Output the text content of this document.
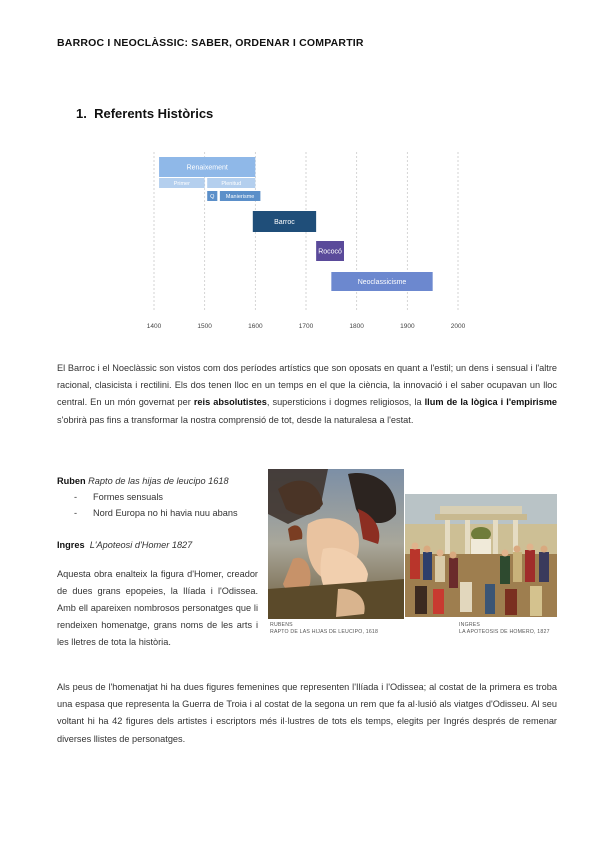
BARROC I NEOCLÀSSIC: SABER, ORDENAR I COMPARTIR
1. Referents Històrics
Renaixement
Primer	Plenitud
Q Manierisme
Barroc
Rococó
Neoclassicisme
1400	1500	1600	1700	1800	1900	2000
El Barroc i el Noeclàssic son vistos com dos períodes artístics que son oposats en quant a l'estil; un dens i sensual i l'altre racional, clasicista i rectilini. Els dos tenen lloc en un temps en el que la ciència, la innovació i el saber ocupavan un lloc central. En un món governat per reis absolutistes, supersticions i dogmes religiosos, la llum de la lògica i l'empirisme s'obrirà pas fins a transformar la nostra comprensió de tot, desde la naturalesa a l'estat.
Ruben Rapto de las hijas de leucipo 1618
- Formes sensuals
- Nord Europa no hi havia nuu abans
Ingres L'Apoteosi d'Homer 1827
Aquesta obra enalteix la figura d'Homer, creador de dues grans epopeies, la Ilíada i l'Odissea. Amb ell apareixen nombrosos personatges que li rendeixen homenatge, grans noms de les arts i les lletres de tota la història.
RUBENS
RAPTO DE LAS HIJAS DE LEUCIPO, 1618
INGRES
LA APOTEOSIS DE HOMERO, 1827
Als peus de l'homenatjat hi ha dues figures femenines que representen l'Ilíada i l'Odissea; al costat de la primera es troba una espasa que representa la Guerra de Troia i al costat de la segona un rem que fa al·lusió als viatges d'Odisseu. Al seu voltant hi ha 42 figures dels artistes i escriptors més il·lustres de tots els temps, elegits per Ingrés després de remenar diverses llistes de personatges.
